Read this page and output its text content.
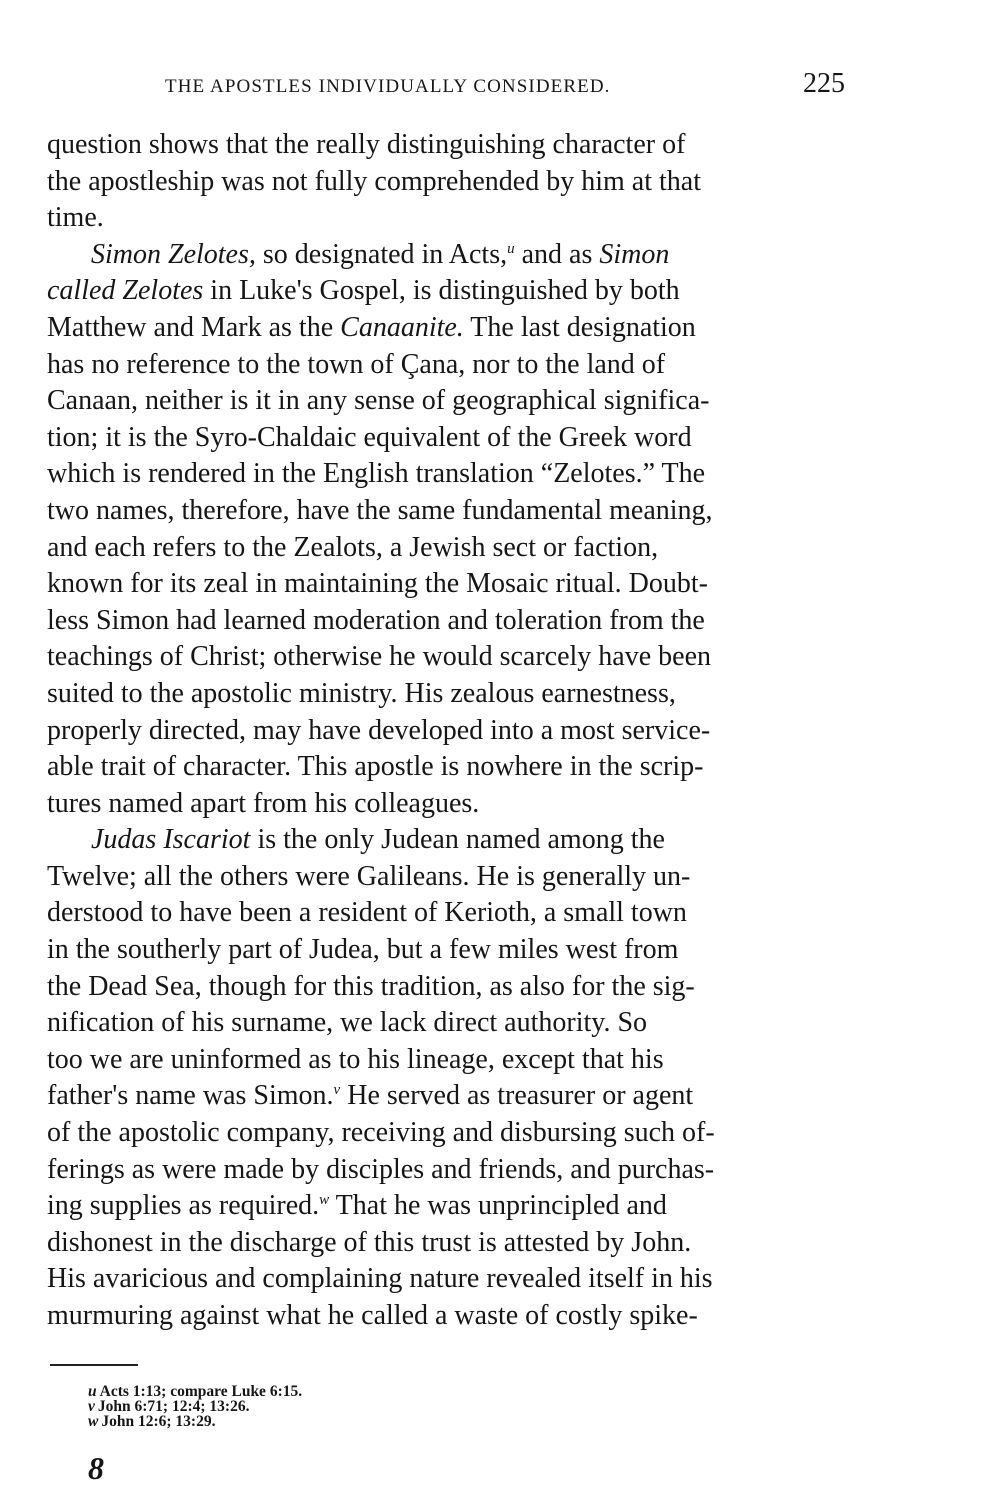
THE APOSTLES INDIVIDUALLY CONSIDERED.	225
question shows that the really distinguishing character of
the apostleship was not fully comprehended by him at that
time.
Simon Zelotes, so designated in Acts,$^u$ and as Simon
called Zelotes in Luke's Gospel, is distinguished by both
Matthew and Mark as the Canaanite. The last designation
has no reference to the town of Çana, nor to the land of
Canaan, neither is it in any sense of geographical significa-
tion; it is the Syro-Chaldaic equivalent of the Greek word
which is rendered in the English translation “Zelotes.” The
two names, therefore, have the same fundamental meaning,
and each refers to the Zealots, a Jewish sect or faction,
known for its zeal in maintaining the Mosaic ritual. Doubt-
less Simon had learned moderation and toleration from the
teachings of Christ; otherwise he would scarcely have been
suited to the apostolic ministry. His zealous earnestness,
properly directed, may have developed into a most service-
able trait of character. This apostle is nowhere in the scrip-
tures named apart from his colleagues.
Judas Iscariot is the only Judean named among the
Twelve; all the others were Galileans. He is generally un-
derstood to have been a resident of Kerioth, a small town
in the southerly part of Judea, but a few miles west from
the Dead Sea, though for this tradition, as also for the sig-
nification of his surname, we lack direct authority. So
too we are uninformed as to his lineage, except that his
father's name was Simon.$^v$ He served as treasurer or agent
of the apostolic company, receiving and disbursing such of-
ferings as were made by disciples and friends, and purchas-
ing supplies as required.$^w$ That he was unprincipled and
dishonest in the discharge of this trust is attested by John.
His avaricious and complaining nature revealed itself in his
murmuring against what he called a waste of costly spike-
u Acts 1:13; compare Luke 6:15.
v John 6:71; 12:4; 13:26.
w John 12:6; 13:29.
8
